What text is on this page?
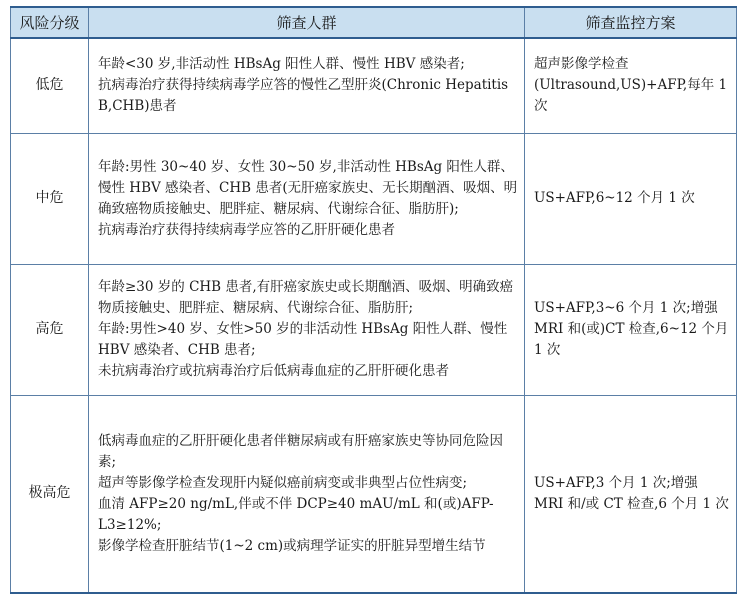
风险分级	筛查人群	筛查监控方案
低危	年龄<30 岁,非活动性 HBsAg 阳性人群、慢性 HBV 感染者;
抗病毒治疗获得持续病毒学应答的慢性乙型肝炎(Chronic Hepatitis B,CHB)患者	超声影像学检查(Ultrasound,US)+AFP,每年 1 次
中危	年龄:男性 30~40 岁、女性 30~50 岁,非活动性 HBsAg 阳性人群、慢性 HBV 感染者、CHB 患者(无肝癌家族史、无长期酗酒、吸烟、明确致癌物质接触史、肥胖症、糖尿病、代谢综合征、脂肪肝);
抗病毒治疗获得持续病毒学应答的乙肝肝硬化患者	US+AFP,6~12 个月 1 次
高危	年龄≥30 岁的 CHB 患者,有肝癌家族史或长期酗酒、吸烟、明确致癌物质接触史、肥胖症、糖尿病、代谢综合征、脂肪肝;
年龄:男性>40 岁、女性>50 岁的非活动性 HBsAg 阳性人群、慢性 HBV 感染者、CHB 患者;
未抗病毒治疗或抗病毒治疗后低病毒血症的乙肝肝硬化患者	US+AFP,3~6 个月 1 次;增强 MRI 和(或)CT 检查,6~12 个月 1 次
极高危	低病毒血症的乙肝肝硬化患者伴糖尿病或有肝癌家族史等协同危险因素;
超声等影像学检查发现肝内疑似癌前病变或非典型占位性病变;
血清 AFP≥20 ng/mL,伴或不伴 DCP≥40 mAU/mL 和(或)AFP-L3≥12%;
影像学检查肝脏结节(1~2 cm)或病理学证实的肝脏异型增生结节	US+AFP,3 个月 1 次;增强 MRI 和/或 CT 检查,6 个月 1 次
